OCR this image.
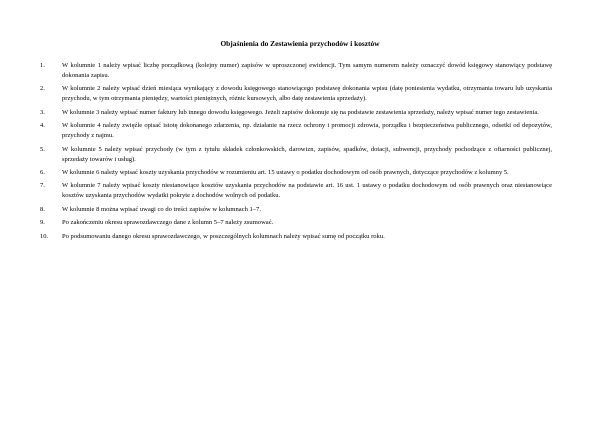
Objaśnienia do Zestawienia przychodów i kosztów
1.	W kolumnie 1 należy wpisać liczbę porządkową (kolejny numer) zapisów w uproszczonej ewidencji. Tym samym numerem należy oznaczyć dowód księgowy stanowiący podstawę dokonania zapisu.
2.	W kolumnie 2 należy wpisać dzień miesiąca wynikający z dowodu księgowego stanowiącego podstawę dokonania wpisu (datę poniesienia wydatku, otrzymania towaru lub uzyskania przychodu, w tym otrzymania pieniędzy, wartości pieniężnych, różnic kursowych, albo datę zestawienia sprzedaży).
3.	W kolumnie 3 należy wpisać numer faktury lub innego dowodu księgowego. Jeżeli zapisów dokonuje się na podstawie zestawienia sprzedaży, należy wpisać numer tego zestawienia.
4.	W kolumnie 4 należy zwięźle opisać istotę dokonanego zdarzenia, np. działanie na rzecz ochrony i promocji zdrowia, porządku i bezpieczeństwa publicznego, odsetki od depozytów, przychody z najmu.
5.	W kolumnie 5 należy wpisać przychody (w tym z tytułu składek członkowskich, darowizn, zapisów, spadków, dotacji, subwencji, przychody pochodzące z ofiarności publicznej, sprzedaży towarów i usług).
6.	W kolumnie 6 należy wpisać koszty uzyskania przychodów w rozumieniu art. 15 ustawy o podatku dochodowym od osób prawnych, dotyczące przychodów z kolumny 5.
7.	W kolumnie 7 należy wpisać koszty niestanowiące kosztów uzyskania przychodów na podstawie art. 16 ust. 1 ustawy o podatku dochodowym od osób prawnych oraz niestanowiące kosztów uzyskania przychodów wydatki pokryte z dochodów wolnych od podatku.
8.	W kolumnie 8 można wpisać uwagi co do treści zapisów w kolumnach 1–7.
9.	Po zakończeniu okresu sprawozdawczego dane z kolumn 5–7 należy zsumować.
10. Po podsumowaniu danego okresu sprawozdawczego, w poszczególnych kolumnach należy wpisać sumę od początku roku.
